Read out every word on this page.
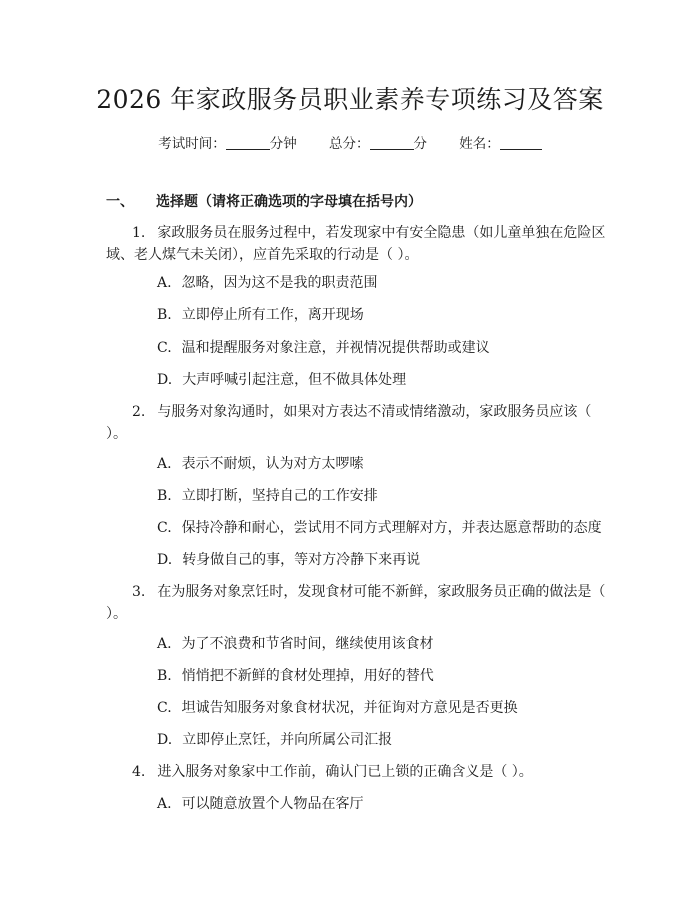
2026 年家政服务员职业素养专项练习及答案
考试时间：	分钟 总分：	分 姓名：
一、 选择题（请将正确选项的字母填在括号内）
1. 家政服务员在服务过程中，若发现家中有安全隐患（如儿童单独在危险区域、老人煤气未关闭），应首先采取的行动是（ ）。
A. 忽略，因为这不是我的职责范围
B. 立即停止所有工作，离开现场
C. 温和提醒服务对象注意，并视情况提供帮助或建议
D. 大声呼喊引起注意，但不做具体处理
2. 与服务对象沟通时，如果对方表达不清或情绪激动，家政服务员应该（ ）。
A. 表示不耐烦，认为对方太啰嗦
B. 立即打断，坚持自己的工作安排
C. 保持冷静和耐心，尝试用不同方式理解对方，并表达愿意帮助的态度
D. 转身做自己的事，等对方冷静下来再说
3. 在为服务对象烹饪时，发现食材可能不新鲜，家政服务员正确的做法是（ ）。
A. 为了不浪费和节省时间，继续使用该食材
B. 悄悄把不新鲜的食材处理掉，用好的替代
C. 坦诚告知服务对象食材状况，并征询对方意见是否更换
D. 立即停止烹饪，并向所属公司汇报
4. 进入服务对象家中工作前，确认门已上锁的正确含义是（ ）。
A. 可以随意放置个人物品在客厅
